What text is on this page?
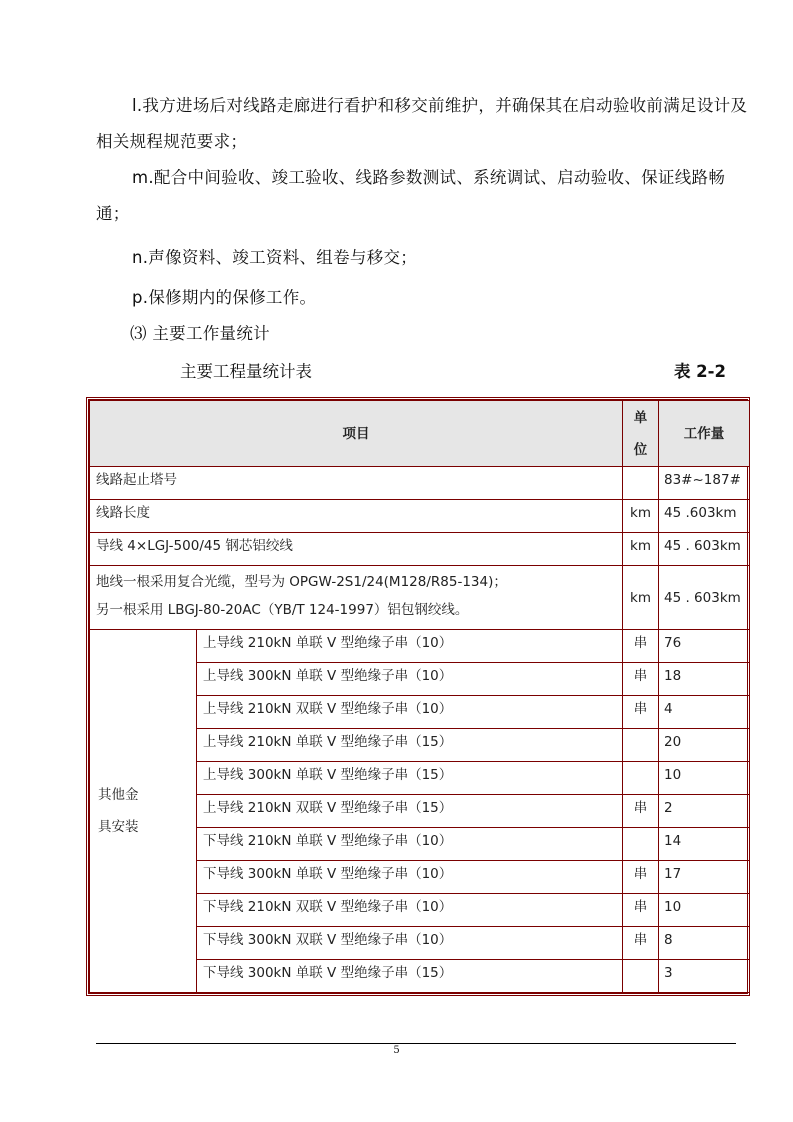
l.我方进场后对线路走廊进行看护和移交前维护，并确保其在启动验收前满足设计及相关规程规范要求；

m.配合中间验收、竣工验收、线路参数测试、系统调试、启动验收、保证线路畅通；

n.声像资料、竣工资料、组卷与移交；

p.保修期内的保修工作。

⑶ 主要工作量统计

主要工程量统计表	表 2-2
项目		单
位	工作量
线路起止塔号			83#~187#
线路长度		km	45 .603km
导线 4×LGJ-500/45 钢芯铝绞线		km	45 . 603km

地线一根采用复合光缆，型号为 OPGW-2S1/24(M128/R85-134)；
另一根采用 LBGJ-80-20AC（YB/T 124-1997）铝包钢绞线。		km	45 . 603km

其他金
具安装	上导线 210kN 单联 V 型绝缘子串（10）	串	76
	上导线 300kN 单联 V 型绝缘子串（10）	串	18
	上导线 210kN 双联 V 型绝缘子串（10）	串	4
	上导线 210kN 单联 V 型绝缘子串（15）		20
	上导线 300kN 单联 V 型绝缘子串（15）		10
	上导线 210kN 双联 V 型绝缘子串（15）	串	2
	下导线 210kN 单联 V 型绝缘子串（10）		14
	下导线 300kN 单联 V 型绝缘子串（10）	串	17
	下导线 210kN 双联 V 型绝缘子串（10）	串	10
	下导线 300kN 双联 V 型绝缘子串（10）	串	8
	下导线 300kN 单联 V 型绝缘子串（15）		3
5
